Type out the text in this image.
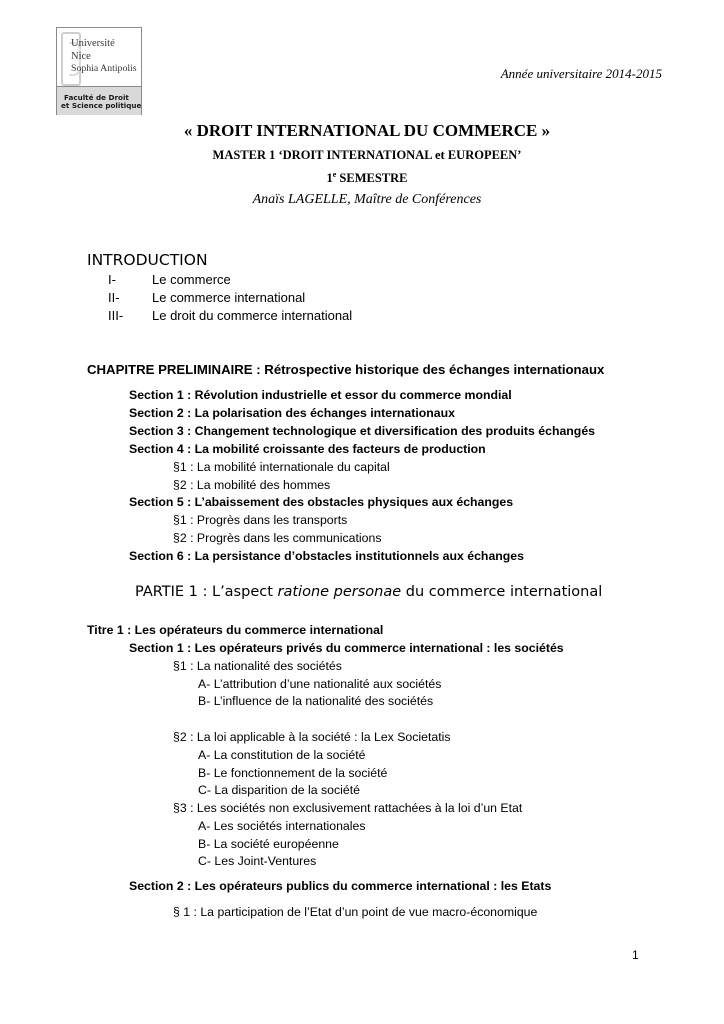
Université
Nice
Sophia Antipolis
Faculté de Droit
et Science politique
Année universitaire 2014-2015
« DROIT INTERNATIONAL DU COMMERCE »
MASTER 1 ‘DROIT INTERNATIONAL et EUROPEEN’
1e SEMESTRE
Anaïs LAGELLE, Maître de Conférences
INTRODUCTION
I-	Le commerce
II- Le commerce international
III- Le droit du commerce international
CHAPITRE PRELIMINAIRE : Rétrospective historique des échanges internationaux
Section 1 : Révolution industrielle et essor du commerce mondial
Section 2 : La polarisation des échanges internationaux
Section 3 : Changement technologique et diversification des produits échangés
Section 4 : La mobilité croissante des facteurs de production
§1 : La mobilité internationale du capital
§2 : La mobilité des hommes
Section 5 : L’abaissement des obstacles physiques aux échanges
§1 : Progrès dans les transports
§2 : Progrès dans les communications
Section 6 : La persistance d’obstacles institutionnels aux échanges
PARTIE 1 : L’aspect ratione personae du commerce international
Titre 1 : Les opérateurs du commerce international
Section 1 : Les opérateurs privés du commerce international : les sociétés
§1 : La nationalité des sociétés
A- L’attribution d’une nationalité aux sociétés
B- L’influence de la nationalité des sociétés
§2 : La loi applicable à la société : la Lex Societatis
A- La constitution de la société
B- Le fonctionnement de la société
C- La disparition de la société
§3 : Les sociétés non exclusivement rattachées à la loi d’un Etat
A- Les sociétés internationales
B- La société européenne
C- Les Joint-Ventures
Section 2 : Les opérateurs publics du commerce international : les Etats
§ 1 : La participation de l’Etat d’un point de vue macro-économique
1
